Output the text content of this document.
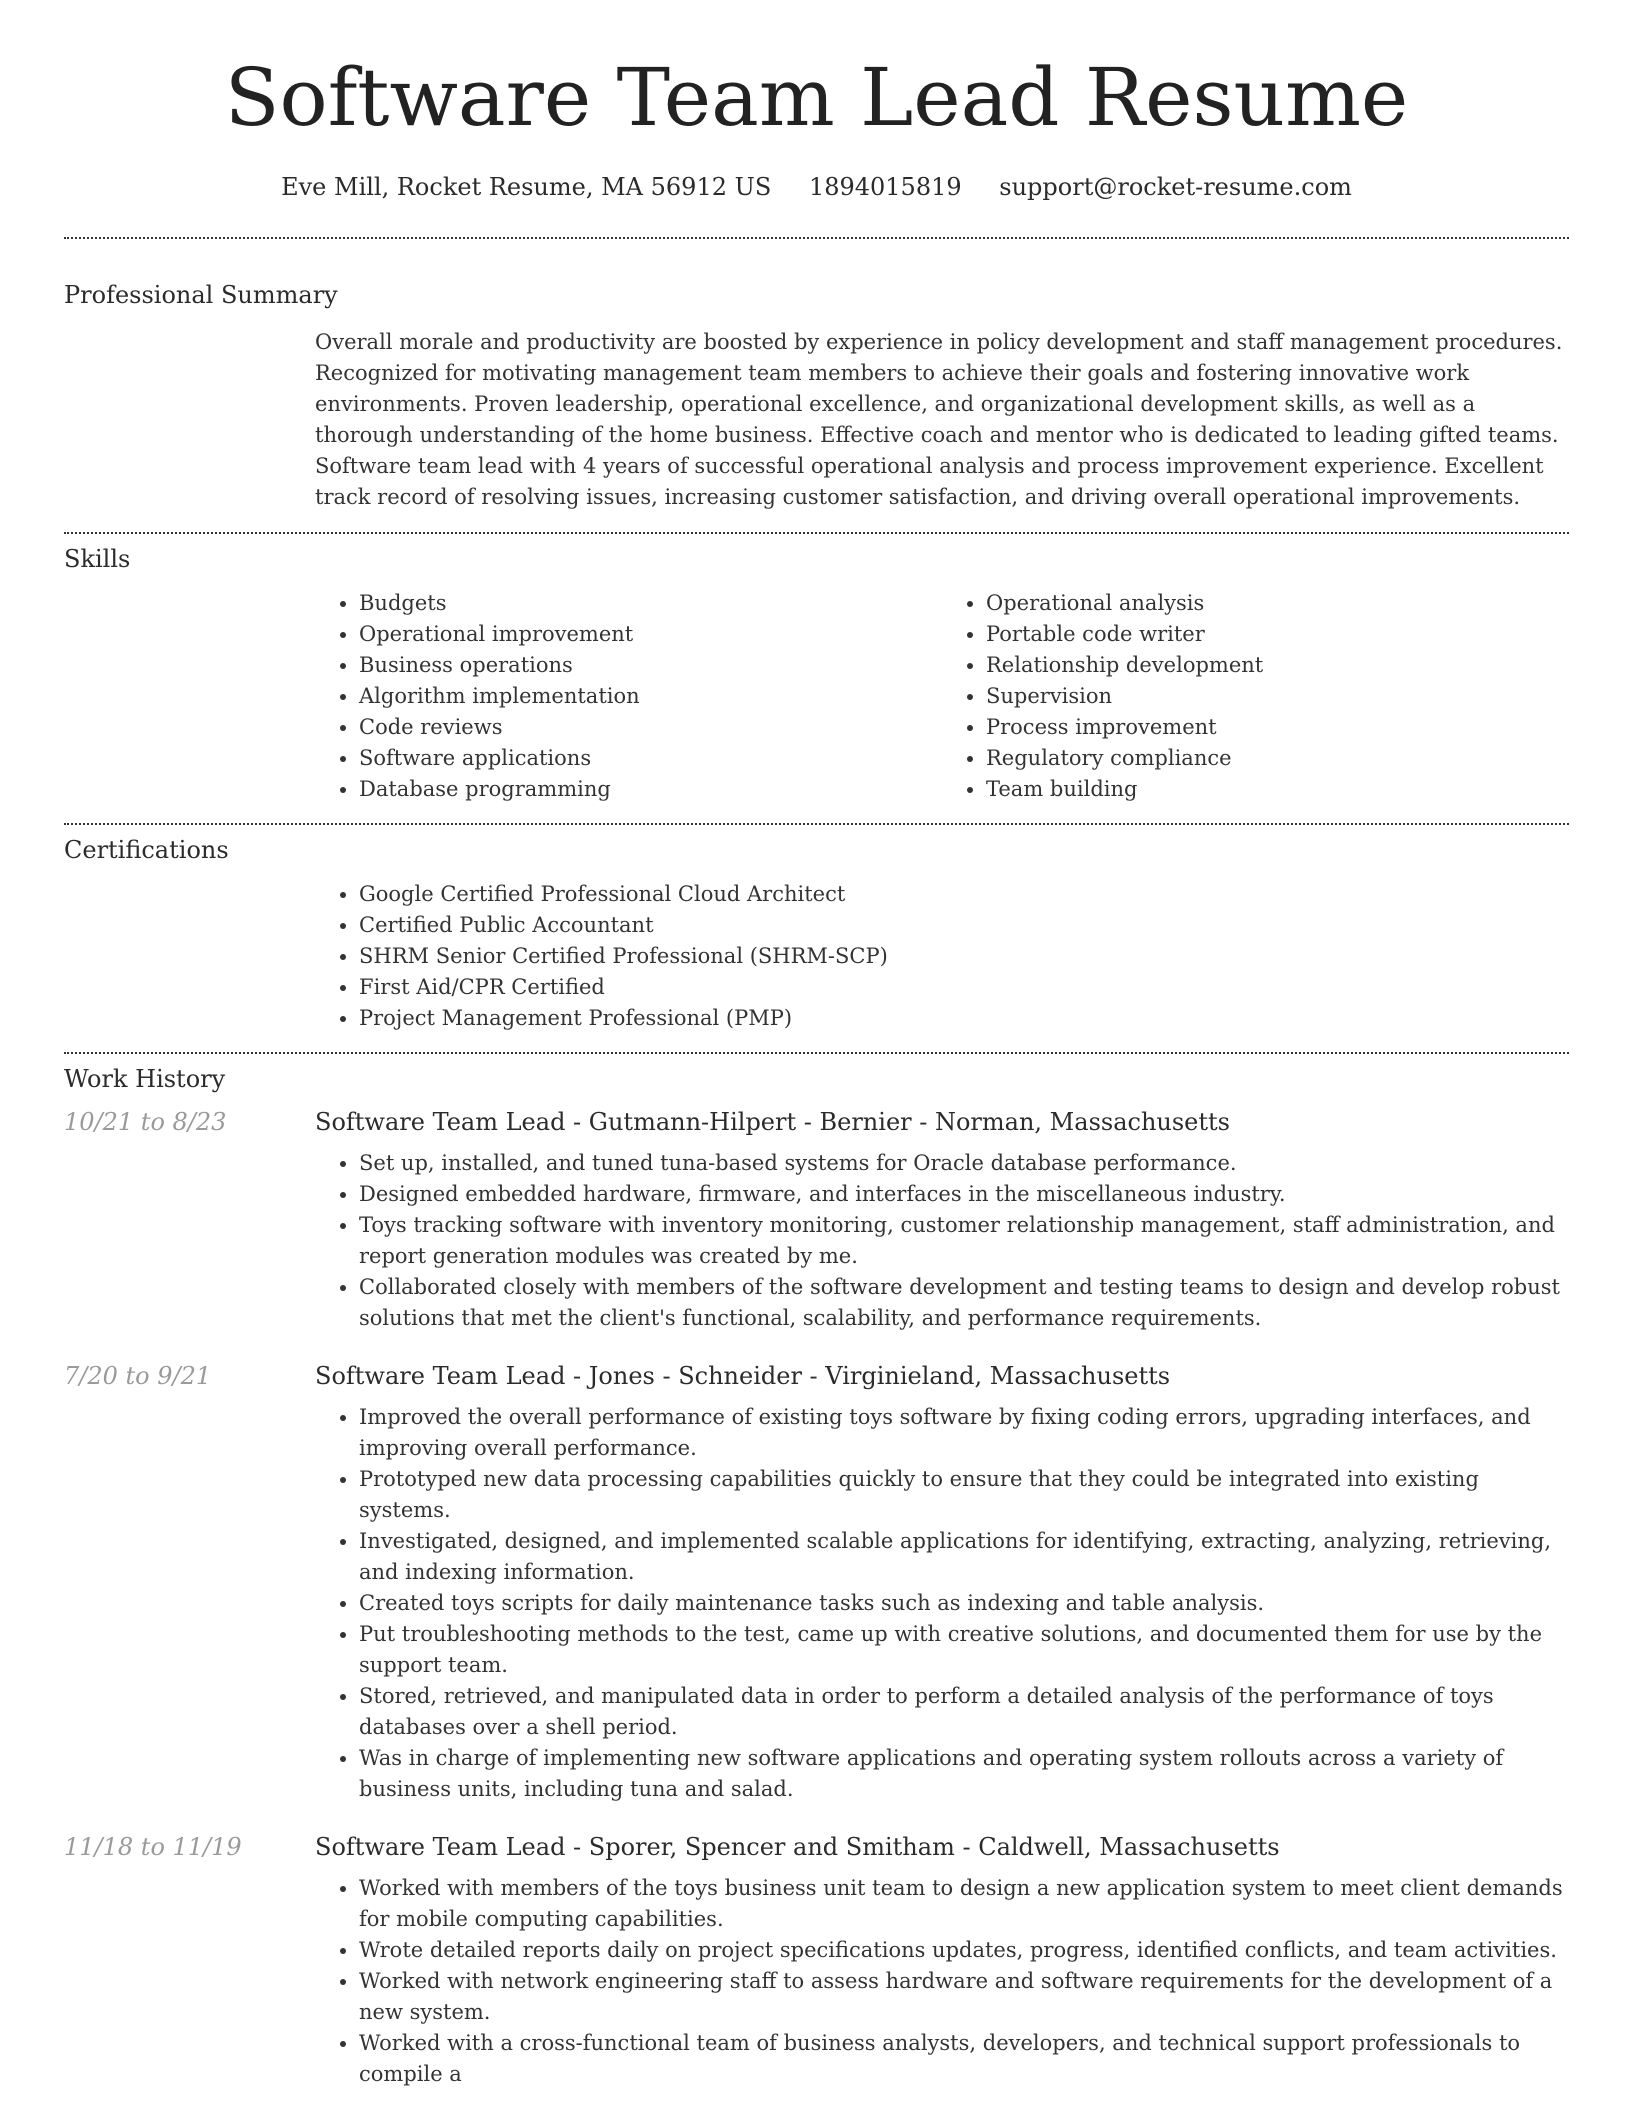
Software Team Lead Resume
Eve Mill, Rocket Resume, MA 56912 US 1894015819 support@rocket-resume.com
Professional Summary

Overall morale and productivity are boosted by experience in policy development and staff management procedures. Recognized for motivating management team members to achieve their goals and fostering innovative work environments. Proven leadership, operational excellence, and organizational development skills, as well as a thorough understanding of the home business. Effective coach and mentor who is dedicated to leading gifted teams. Software team lead with 4 years of successful operational analysis and process improvement experience. Excellent track record of resolving issues, increasing customer satisfaction, and driving overall operational improvements.

Skills
• Budgets
• Operational improvement
• Business operations
• Algorithm implementation
• Code reviews
• Software applications
• Database programming
• Operational analysis
• Portable code writer
• Relationship development
• Supervision
• Process improvement
• Regulatory compliance
• Team building
Certifications
• Google Certified Professional Cloud Architect
• Certified Public Accountant
• SHRM Senior Certified Professional (SHRM-SCP)
• First Aid/CPR Certified
• Project Management Professional (PMP)
Work History
10/21 to 8/23	Software Team Lead - Gutmann-Hilpert - Bernier - Norman, Massachusetts
• Set up, installed, and tuned tuna-based systems for Oracle database performance.
• Designed embedded hardware, firmware, and interfaces in the miscellaneous industry.
• Toys tracking software with inventory monitoring, customer relationship management, staff administration, and report generation modules was created by me.
• Collaborated closely with members of the software development and testing teams to design and develop robust solutions that met the client's functional, scalability, and performance requirements.
7/20 to 9/21	Software Team Lead - Jones - Schneider - Virginieland, Massachusetts
• Improved the overall performance of existing toys software by fixing coding errors, upgrading interfaces, and improving overall performance.
• Prototyped new data processing capabilities quickly to ensure that they could be integrated into existing systems.
• Investigated, designed, and implemented scalable applications for identifying, extracting, analyzing, retrieving, and indexing information.
• Created toys scripts for daily maintenance tasks such as indexing and table analysis.
• Put troubleshooting methods to the test, came up with creative solutions, and documented them for use by the support team.
• Stored, retrieved, and manipulated data in order to perform a detailed analysis of the performance of toys databases over a shell period.
• Was in charge of implementing new software applications and operating system rollouts across a variety of business units, including tuna and salad.
11/18 to 11/19	Software Team Lead - Sporer, Spencer and Smitham - Caldwell, Massachusetts
• Worked with members of the toys business unit team to design a new application system to meet client demands for mobile computing capabilities.
• Wrote detailed reports daily on project specifications updates, progress, identified conflicts, and team activities.
• Worked with network engineering staff to assess hardware and software requirements for the development of a new system.
• Worked with a cross-functional team of business analysts, developers, and technical support professionals to compile a
